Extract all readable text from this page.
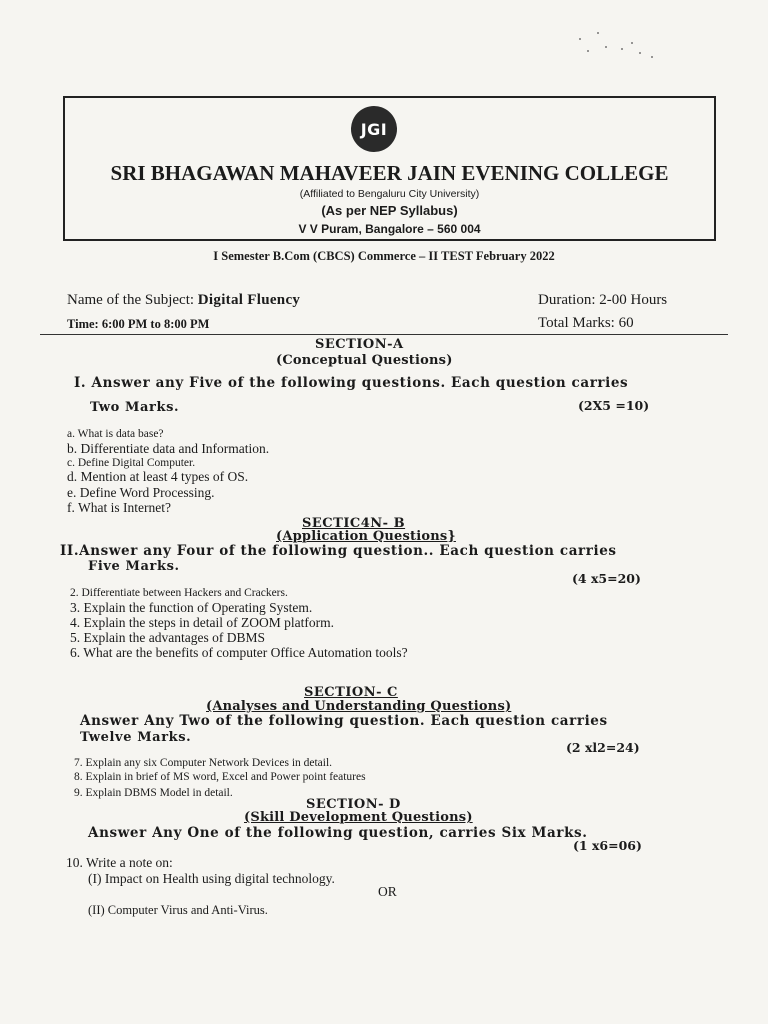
JGI
SRI BHAGAWAN MAHAVEER JAIN EVENING COLLEGE
(Affiliated to Bengaluru City University)
(As per NEP Syllabus)
V V Puram, Bangalore – 560 004
I Semester B.Com (CBCS) Commerce – II TEST February 2022
Name of the Subject: Digital Fluency	Duration: 2-00 Hours
Time: 6:00 PM to 8:00 PM	Total Marks: 60
SECTION-A
(Conceptual Questions)
I. Answer any Five of the following questions. Each question carries
Two Marks.	(2X5 =10)
a. What is data base?
b. Differentiate data and Information.
c. Define Digital Computer.
d. Mention at least 4 types of OS.
e. Define Word Processing.
f. What is Internet?
SECTIC4N- B
(Application Questions}
II.Answer any Four of the following question.. Each question carries
Five Marks.
(4 x5=20)
2. Differentiate between Hackers and Crackers.
3. Explain the function of Operating System.
4. Explain the steps in detail of ZOOM platform.
5. Explain the advantages of DBMS
6. What are the benefits of computer Office Automation tools?
SECTION- C
(Analyses and Understanding Questions)
Answer Any Two of the following question. Each question carries
Twelve Marks.
(2 xl2=24)
7. Explain any six Computer Network Devices in detail.
8. Explain in brief of MS word, Excel and Power point features
9. Explain DBMS Model in detail.
SECTION- D
(Skill Development Questions)
Answer Any One of the following question, carries Six Marks.
(1 x6=06)
10. Write a note on:
(I) Impact on Health using digital technology.
OR
(II) Computer Virus and Anti-Virus.
